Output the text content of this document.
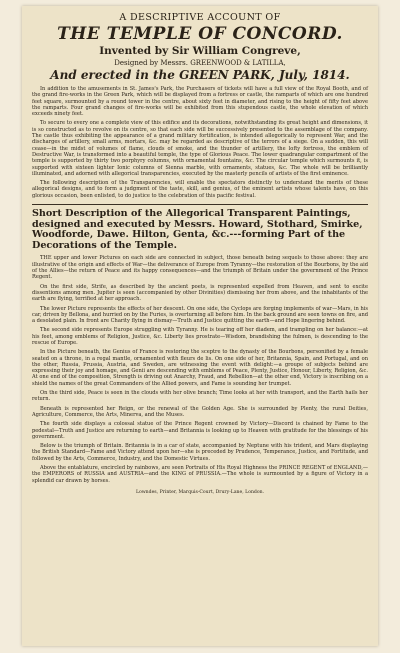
A DESCRIPTIVE ACCOUNT OF
THE TEMPLE OF CONCORD.
Invented by Sir William Congreve,
Designed by Messrs. GREENWOOD & LATILLA,
And erected in the GREEN PARK, July, 1814.
In addition to the amusements in St. James's Park, the Purchasers of tickets will have a full view of the Royal Booth, and of the grand fire-works in the Green Park, which will be displayed from a fortress or castle, the ramparts of which are one hundred feet square, surmounted by a round tower in the centre, about sixty feet in diameter, and rising to the height of fifty feet above the ramparts. Four grand changes of fire-works will be exhibited from this stupendous castle, the whole elevation of which exceeds ninety feet.
To secure to every one a complete view of this edifice and its decorations, notwithstanding its great height and dimensions, it is so constructed as to revolve on its centre, so that each side will be successively presented to the assemblage of the company. The castle thus exhibiting the appearance of a grand military fortification, is intended allegorically to represent War, and the discharges of artillery, small arms, mortars, &c. may be regarded as descriptive of the terrors of a siege. On a sudden, this will cease—in the midst of volumes of flame, clouds of smoke, and the thunder of artillery, the lofty fortress, the emblem of Destructive War, is transformed into a beautiful temple, the type of Glorious Peace. The lower quadrangular compartment of the temple is supported by thirty two porphyry columns, with ornamental fountains, &c. The circular temple which surmounts it, is supported with sixteen lighter Ionic columns of Sienna marble, with ornaments, statues, &c. The whole will be brilliantly illuminated, and adorned with allegorical transparencies, executed by the masterly pencils of artists of the first eminence.
The following description of the Transparencies, will enable the spectators distinctly to understand the merits of these allegorical designs, and to form a judgment of the taste, skill, and genius, of the eminent artists whose talents have, on this glorious occasion, been enlisted, to do justice to the celebration of this pacific festival.
Short Description of the Allegorical Transparent Paintings, designed and executed by Messrs. Howard, Stothard, Smirke, Woodforde, Dawe. Hilton, Genta, &c.---forming Part of the Decorations of the Temple.
THE upper and lower Pictures on each side are connected in subject, those beneath being sequels to those above: they are illustrative of the origin and effects of War—the deliverance of Europe from Tyranny—the restoration of the Bourbons, by the aid of the Allies—the return of Peace and its happy consequences—and the triumph of Britain under the government of the Prince Regent.
On the first side, Strife, as described by the ancient poets, is represented expelled from Heaven, and sent to excite dissentions among men. Jupiter is seen (accompanied by other Divinities) dismissing her from above, and the inhabitants of the earth are flying, terrified at her approach.
The lower Picture represents the effects of her descent. On one side, the Cyclops are forging implements of war—Mars, in his car, driven by Bellona, and hurried on by the Furies, is overturning all before him. In the back ground are seen towns on fire, and a desolated plain. In front are Charity flying in dismay—Truth and Justice quitting the earth—and Hope lingering behind.
The second side represents Europe struggling with Tyranny. He is tearing off her diadem, and trampling on her balance:—at his feet, among emblems of Religion, Justice, &c. Liberty lies prostrate—Wisdom, brandishing the fulmen, is descending to the rescue of Europe.
In the Picture beneath, the Genius of France is restoring the sceptre to the dynasty of the Bourbons, personified by a female seated on a throne, in a regal mantle, ornamented with fleurs de lis. On one side of her, Britannia, Spain, and Portugal, and on the other, Russia, Prussia, Austria, and Sweden, are witnessing the event with delight:—a groupe of subjects behind are expressing their joy and homage, and Genii are descending with emblems of Peace, Plenty, Justice, Honour, Liberty, Religion, &c. At one end of the composition, Strength is driving out Anarchy, Fraud, and Rebellion—at the other end, Victory is inscribing on a shield the names of the great Commanders of the Allied powers, and Fame is sounding her trumpet.
On the third side, Peace is seen in the clouds with her olive branch; Time looks at her with transport, and the Earth hails her return.
Beneath is represented her Reign, or the renewal of the Golden Age. She is surrounded by Plenty, the rural Deities, Agriculture, Commerce, the Arts, Minerva, and the Muses.
The fourth side displays a colossal statue of the Prince Regent crowned by Victory—Discord is chained by Fame to the pedestal—Truth and Justice are returning to earth—and Britannia is looking up to Heaven with gratitude for the blessings of his government.
Below is the triumph of Britain. Britannia is in a car of state, accompanied by Neptune with his trident, and Mars displaying the British Standard—Fame and Victory attend upon her—she is preceded by Prudence, Temperance, Justice, and Fortitude, and followed by the Arts, Commerce, Industry, and the Domestic Virtues.
Above the entablature, encircled by rainbows, are seen Portraits of His Royal Highness the PRINCE REGENT of ENGLAND,—the EMPERORS of RUSSIA and AUSTRIA—and the KING of PRUSSIA.—The whole is surmounted by a figure of Victory in a splendid car drawn by horses.
Lowndes, Printer, Marquis-Court, Drury-Lane, London.
